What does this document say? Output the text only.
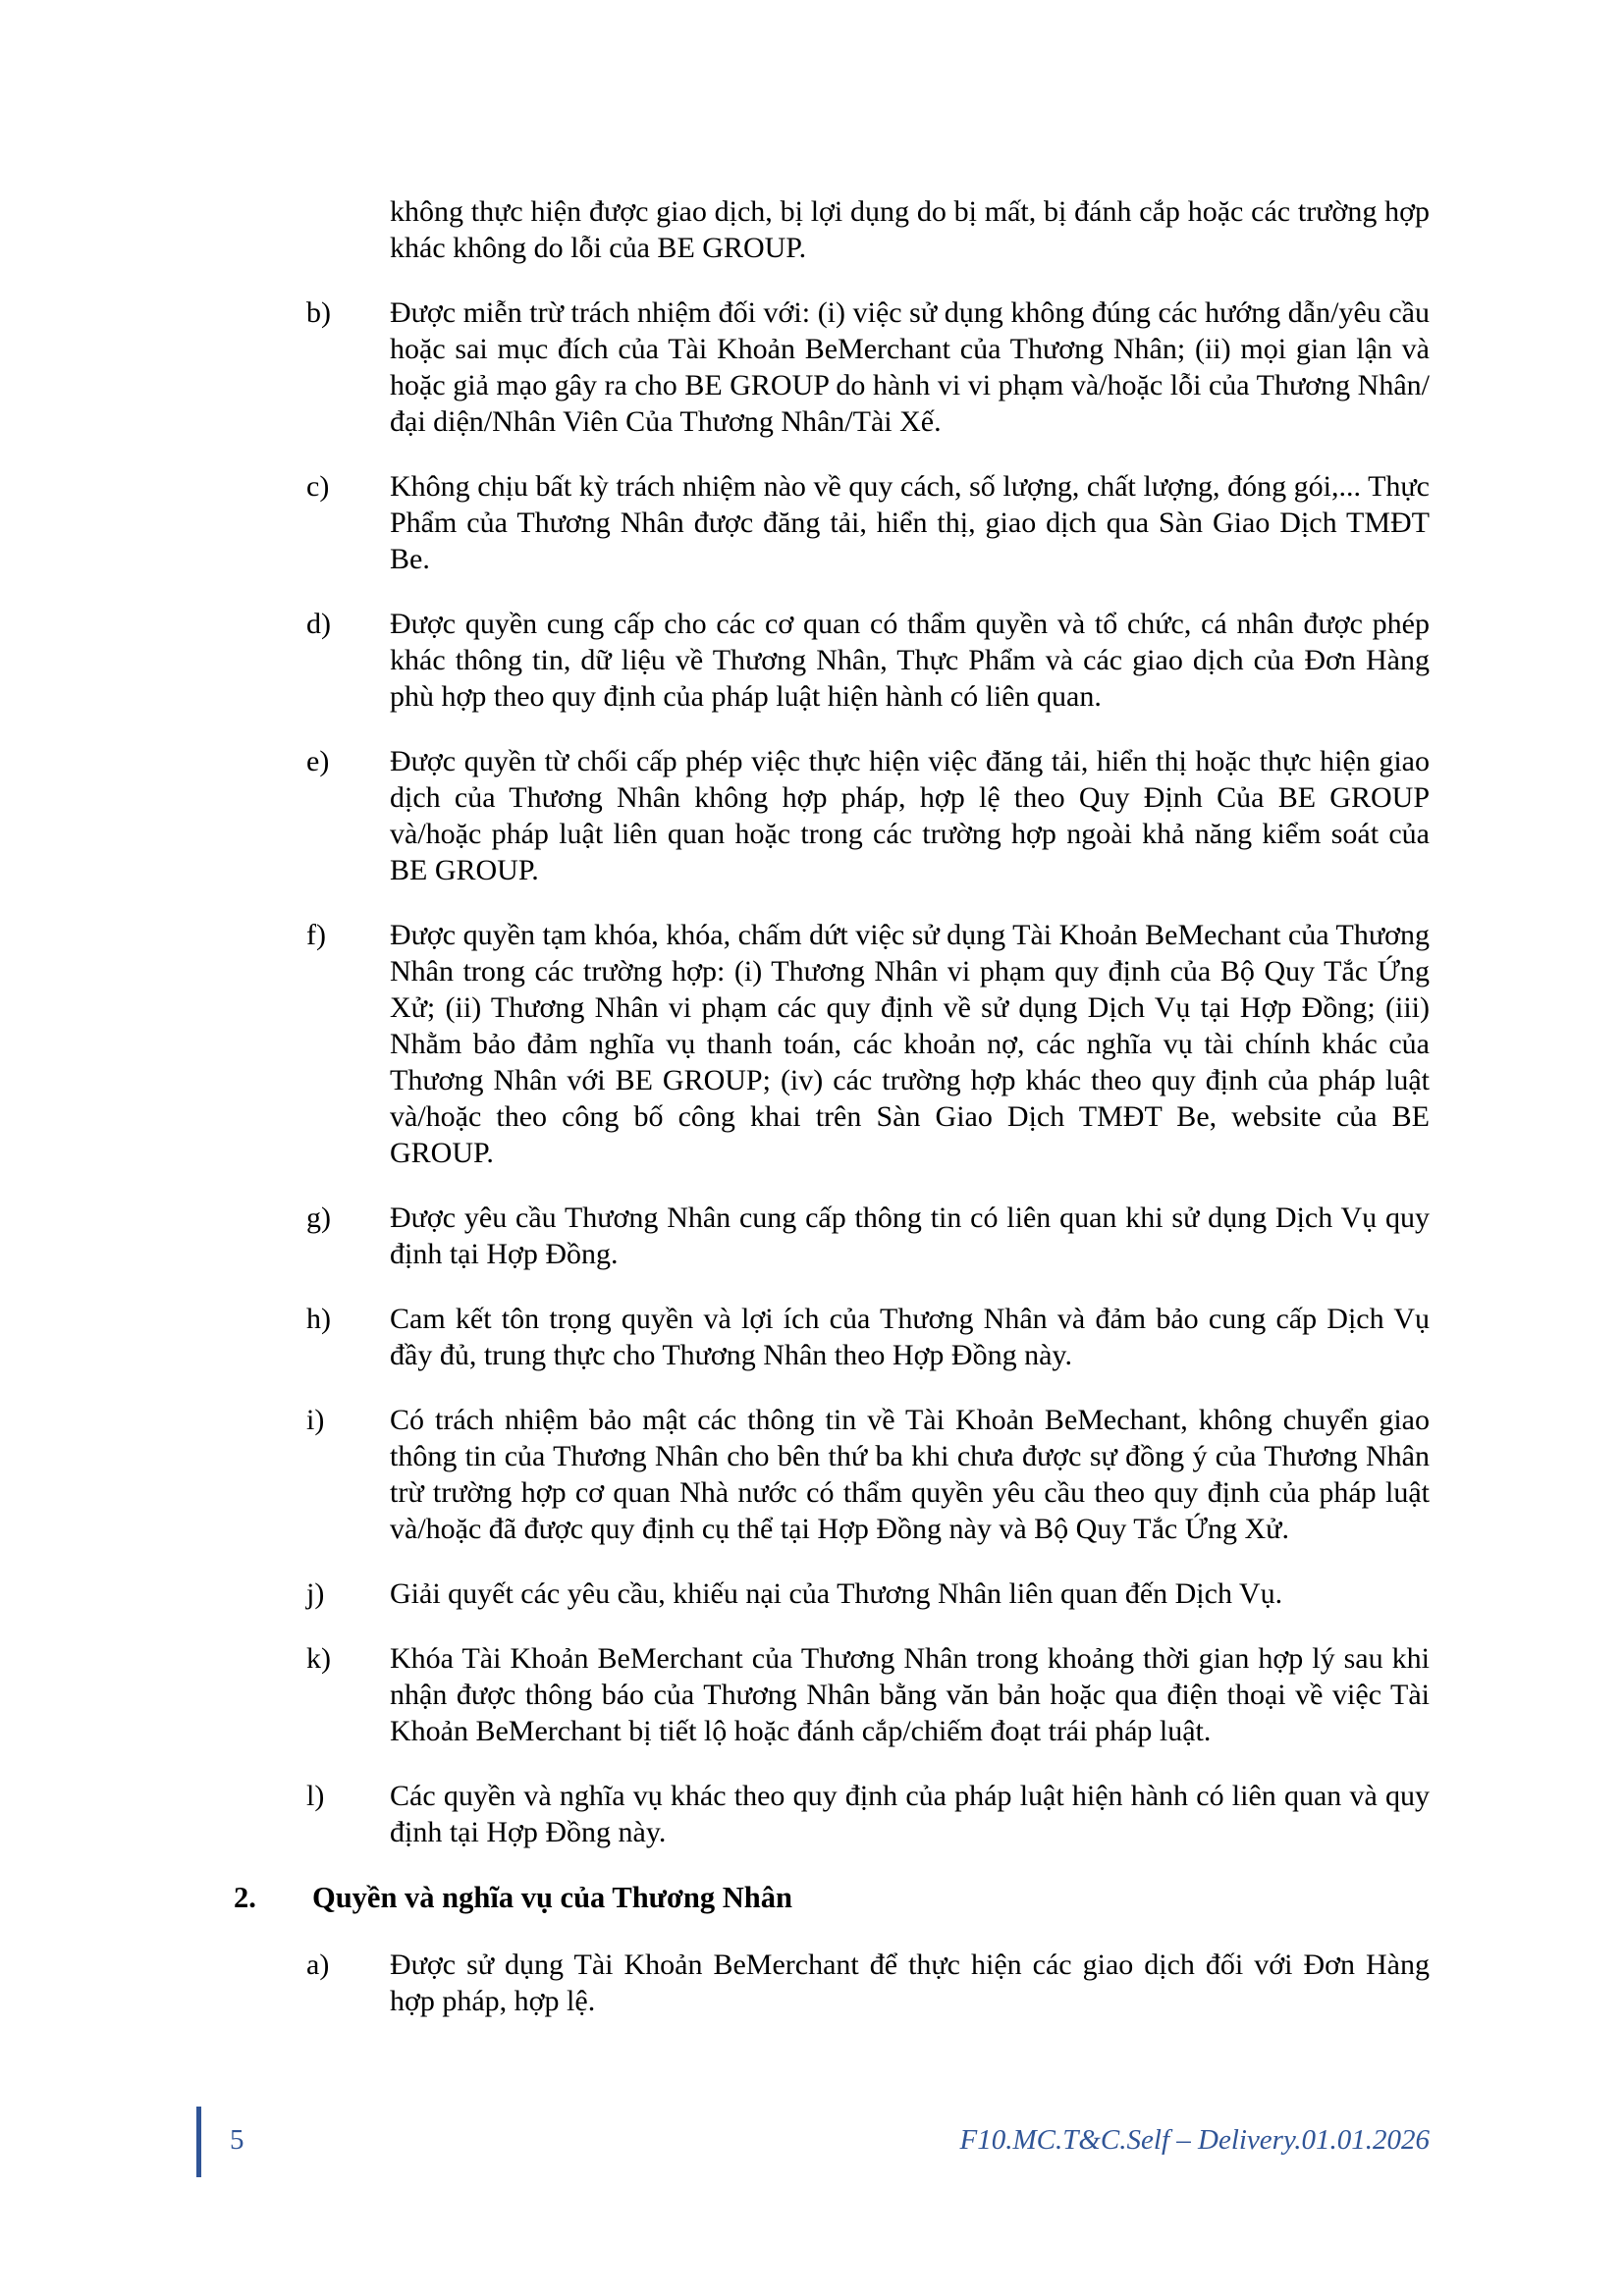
không thực hiện được giao dịch, bị lợi dụng do bị mất, bị đánh cắp hoặc các trường hợp khác không do lỗi của BE GROUP.
b) Được miễn trừ trách nhiệm đối với: (i) việc sử dụng không đúng các hướng dẫn/yêu cầu hoặc sai mục đích của Tài Khoản BeMerchant của Thương Nhân; (ii) mọi gian lận và hoặc giả mạo gây ra cho BE GROUP do hành vi vi phạm và/hoặc lỗi của Thương Nhân/đại diện/Nhân Viên Của Thương Nhân/Tài Xế.
c) Không chịu bất kỳ trách nhiệm nào về quy cách, số lượng, chất lượng, đóng gói,... Thực Phẩm của Thương Nhân được đăng tải, hiển thị, giao dịch qua Sàn Giao Dịch TMĐT Be.
d) Được quyền cung cấp cho các cơ quan có thẩm quyền và tổ chức, cá nhân được phép khác thông tin, dữ liệu về Thương Nhân, Thực Phẩm và các giao dịch của Đơn Hàng phù hợp theo quy định của pháp luật hiện hành có liên quan.
e) Được quyền từ chối cấp phép việc thực hiện việc đăng tải, hiển thị hoặc thực hiện giao dịch của Thương Nhân không hợp pháp, hợp lệ theo Quy Định Của BE GROUP và/hoặc pháp luật liên quan hoặc trong các trường hợp ngoài khả năng kiểm soát của BE GROUP.
f) Được quyền tạm khóa, khóa, chấm dứt việc sử dụng Tài Khoản BeMechant của Thương Nhân trong các trường hợp: (i) Thương Nhân vi phạm quy định của Bộ Quy Tắc Ứng Xử; (ii) Thương Nhân vi phạm các quy định về sử dụng Dịch Vụ tại Hợp Đồng; (iii) Nhằm bảo đảm nghĩa vụ thanh toán, các khoản nợ, các nghĩa vụ tài chính khác của Thương Nhân với BE GROUP; (iv) các trường hợp khác theo quy định của pháp luật và/hoặc theo công bố công khai trên Sàn Giao Dịch TMĐT Be, website của BE GROUP.
g) Được yêu cầu Thương Nhân cung cấp thông tin có liên quan khi sử dụng Dịch Vụ quy định tại Hợp Đồng.
h) Cam kết tôn trọng quyền và lợi ích của Thương Nhân và đảm bảo cung cấp Dịch Vụ đầy đủ, trung thực cho Thương Nhân theo Hợp Đồng này.
i) Có trách nhiệm bảo mật các thông tin về Tài Khoản BeMechant, không chuyển giao thông tin của Thương Nhân cho bên thứ ba khi chưa được sự đồng ý của Thương Nhân trừ trường hợp cơ quan Nhà nước có thẩm quyền yêu cầu theo quy định của pháp luật và/hoặc đã được quy định cụ thể tại Hợp Đồng này và Bộ Quy Tắc Ứng Xử.
j) Giải quyết các yêu cầu, khiếu nại của Thương Nhân liên quan đến Dịch Vụ.
k) Khóa Tài Khoản BeMerchant của Thương Nhân trong khoảng thời gian hợp lý sau khi nhận được thông báo của Thương Nhân bằng văn bản hoặc qua điện thoại về việc Tài Khoản BeMerchant bị tiết lộ hoặc đánh cắp/chiếm đoạt trái pháp luật.
l) Các quyền và nghĩa vụ khác theo quy định của pháp luật hiện hành có liên quan và quy định tại Hợp Đồng này.
2. Quyền và nghĩa vụ của Thương Nhân
a) Được sử dụng Tài Khoản BeMerchant để thực hiện các giao dịch đối với Đơn Hàng hợp pháp, hợp lệ.
5	F10.MC.T&C.Self – Delivery.01.01.2026
